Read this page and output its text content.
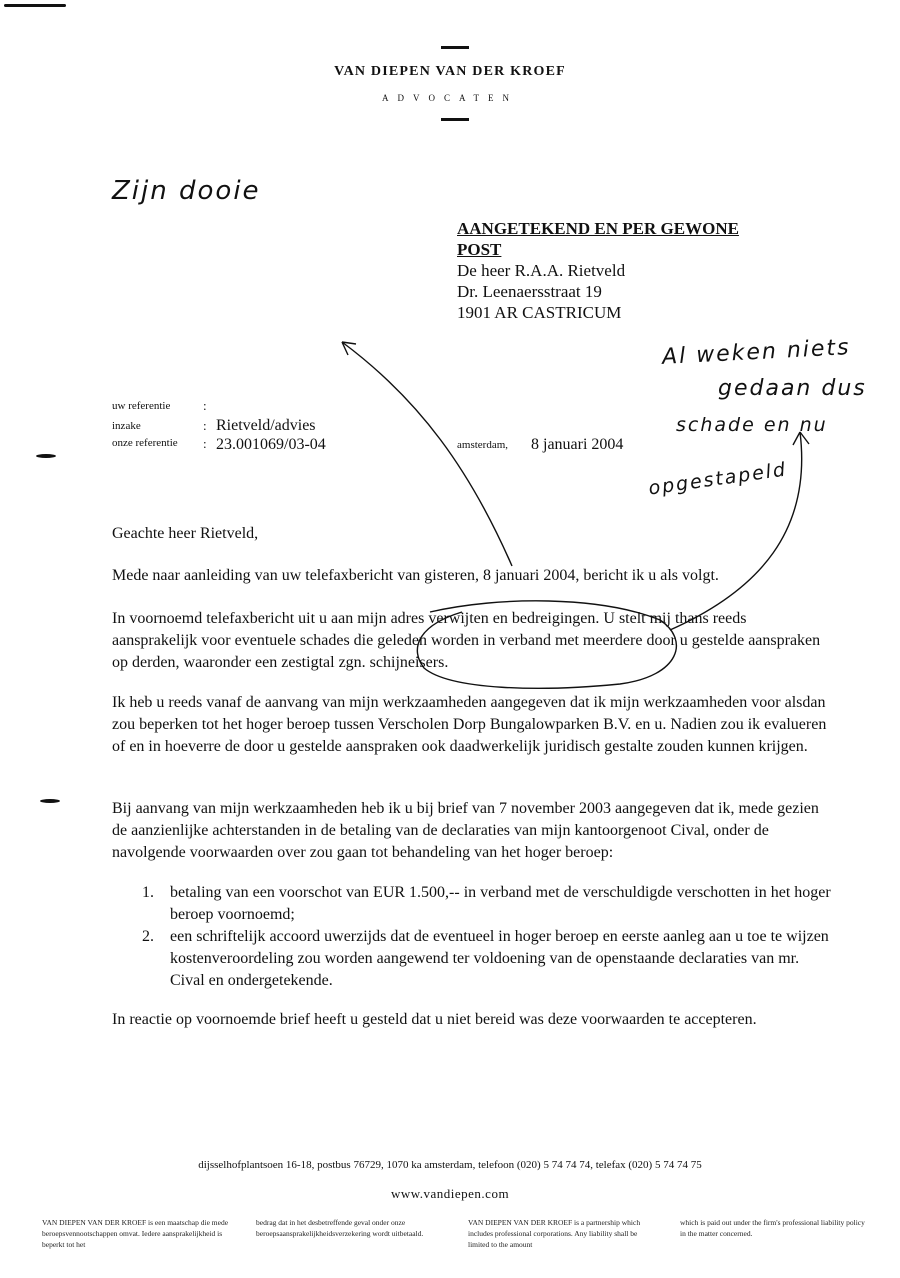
VAN DIEPEN VAN DER KROEF
ADVOCATEN
Zijn dooie
Al weken niets
gedaan dus
schade en nu
opgestapeld
AANGETEKEND EN PER GEWONE
POST
De heer R.A.A. Rietveld
Dr. Leenaersstraat 19
1901 AR CASTRICUM
uw referentie	:
inzake	: Rietveld/advies
onze referentie : 23.001069/03-04	amsterdam, 8 januari 2004
Geachte heer Rietveld,
Mede naar aanleiding van uw telefaxbericht van gisteren, 8 januari 2004, bericht ik u als volgt.
In voornoemd telefaxbericht uit u aan mijn adres verwijten en bedreigingen. U stelt mij thans reeds aansprakelijk voor eventuele schades die geleden worden in verband met meerdere door u gestelde aanspraken op derden, waaronder een zestigtal zgn. schijneisers.
Ik heb u reeds vanaf de aanvang van mijn werkzaamheden aangegeven dat ik mijn werkzaamheden voor alsdan zou beperken tot het hoger beroep tussen Verscholen Dorp Bungalowparken B.V. en u. Nadien zou ik evalueren of en in hoeverre de door u gestelde aanspraken ook daadwerkelijk juridisch gestalte zouden kunnen krijgen.
Bij aanvang van mijn werkzaamheden heb ik u bij brief van 7 november 2003 aangegeven dat ik, mede gezien de aanzienlijke achterstanden in de betaling van de declaraties van mijn kantoorgenoot Cival, onder de navolgende voorwaarden over zou gaan tot behandeling van het hoger beroep:
1. betaling van een voorschot van EUR 1.500,-- in verband met de verschuldigde verschotten in het hoger beroep voornoemd;
2. een schriftelijk accoord uwerzijds dat de eventueel in hoger beroep en eerste aanleg aan u toe te wijzen kostenveroordeling zou worden aangewend ter voldoening van de openstaande declaraties van mr. Cival en ondergetekende.
In reactie op voornoemde brief heeft u gesteld dat u niet bereid was deze voorwaarden te accepteren.
dijsselhofplantsoen 16-18, postbus 76729, 1070 ka amsterdam, telefoon (020) 5 74 74 74, telefax (020) 5 74 74 75
www.vandiepen.com
VAN DIEPEN VAN DER KROEF is een maatschap die mede beroepsvennootschappen omvat. Iedere aansprakelijkheid is beperkt tot het
bedrag dat in het desbetreffende geval onder onze beroepsaansprakelijkheidsverzekering wordt uitbetaald.
VAN DIEPEN VAN DER KROEF is a partnership which includes professional corporations. Any liability shall be limited to the amount
which is paid out under the firm's professional liability policy in the matter concerned.
